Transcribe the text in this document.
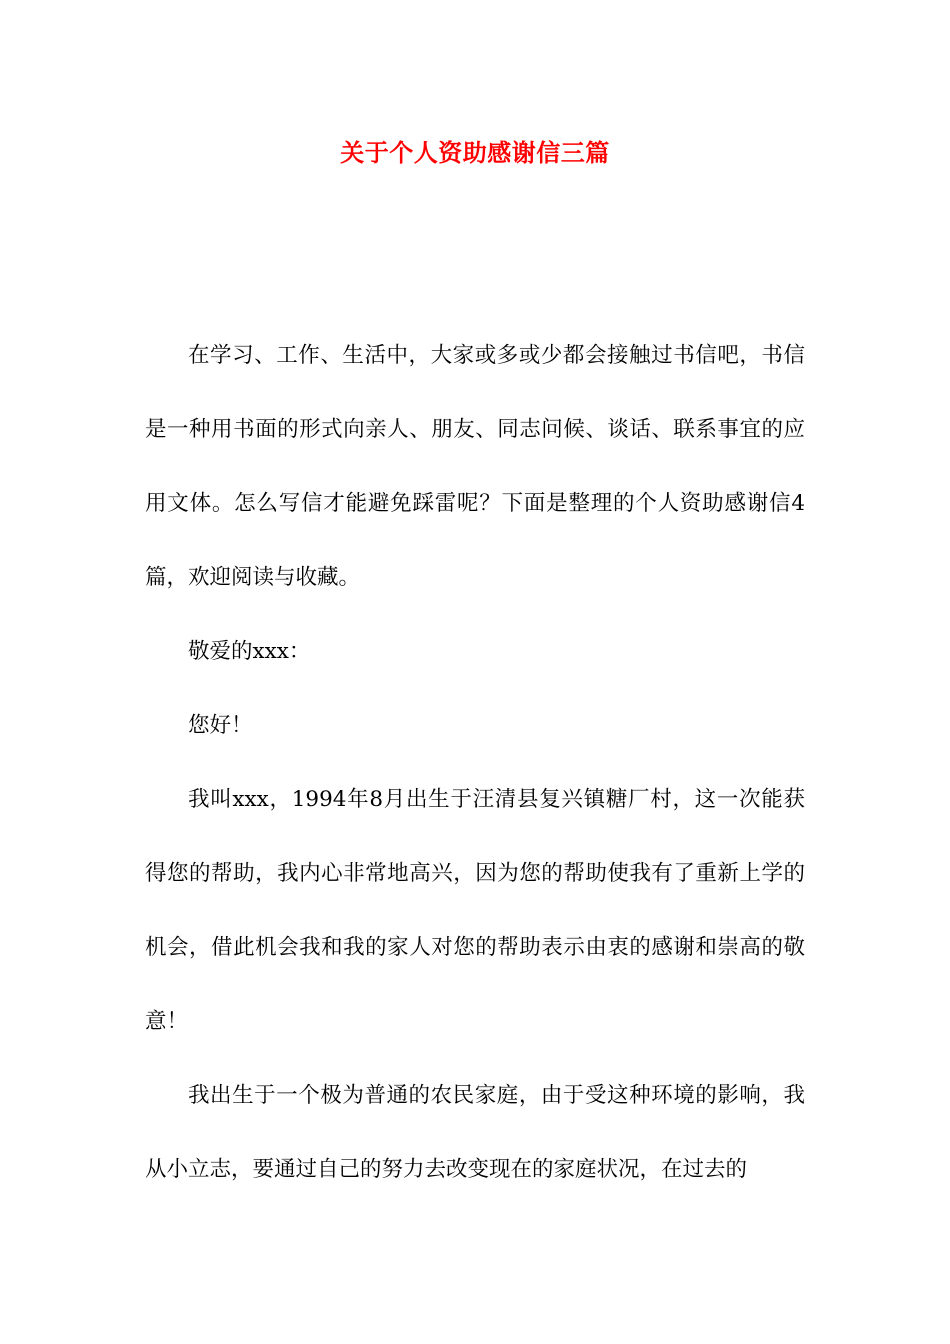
关于个人资助感谢信三篇

在学习、工作、生活中，大家或多或少都会接触过书信吧，书信是一种用书面的形式向亲人、朋友、同志问候、谈话、联系事宜的应用文体。怎么写信才能避免踩雷呢？下面是整理的个人资助感谢信4篇，欢迎阅读与收藏。

敬爱的xxx：

您好！

我叫xxx，1994年8月出生于汪清县复兴镇糖厂村，这一次能获得您的帮助，我内心非常地高兴，因为您的帮助使我有了重新上学的机会，借此机会我和我的家人对您的帮助表示由衷的感谢和崇高的敬意！

我出生于一个极为普通的农民家庭，由于受这种环境的影响，我从小立志，要通过自己的努力去改变现在的家庭状况，在过去的
